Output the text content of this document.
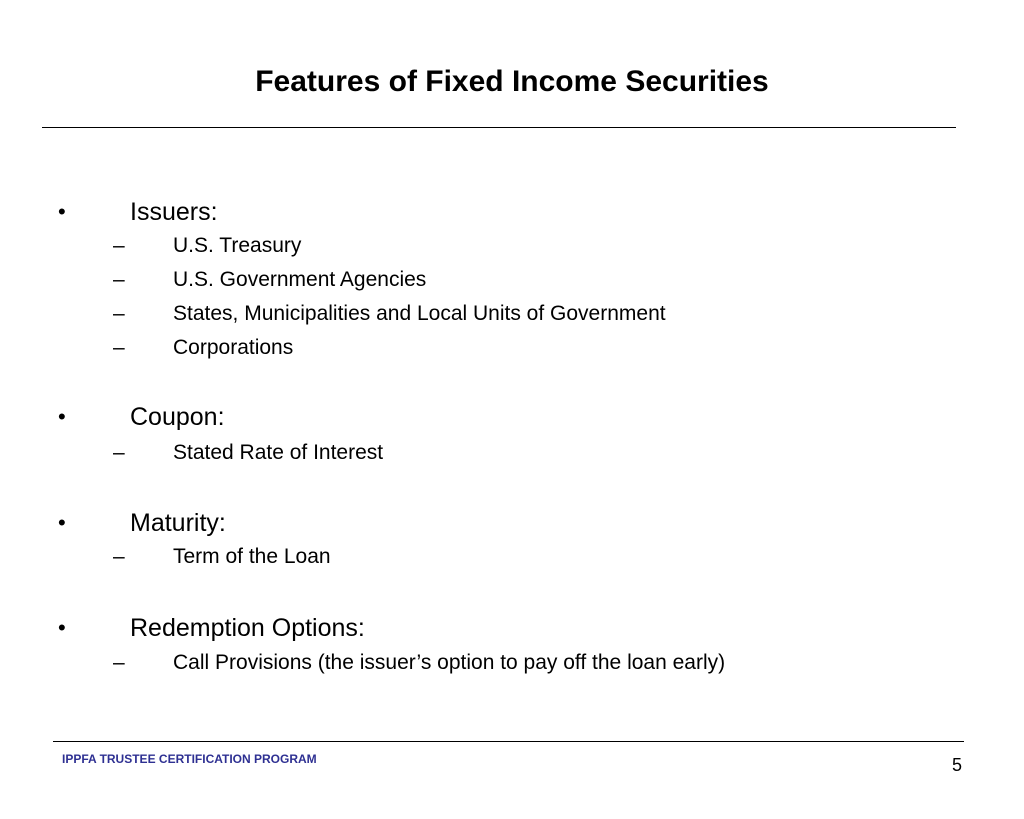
Features of Fixed Income Securities
•	Issuers:
– U.S. Treasury
– U.S. Government Agencies
– States, Municipalities and Local Units of Government
– Corporations
•	Coupon:
– Stated Rate of Interest
•	Maturity:
– Term of the Loan
•	Redemption Options:
– Call Provisions (the issuer’s option to pay off the loan early)
IPPFA TRUSTEE CERTIFICATION PROGRAM	5
